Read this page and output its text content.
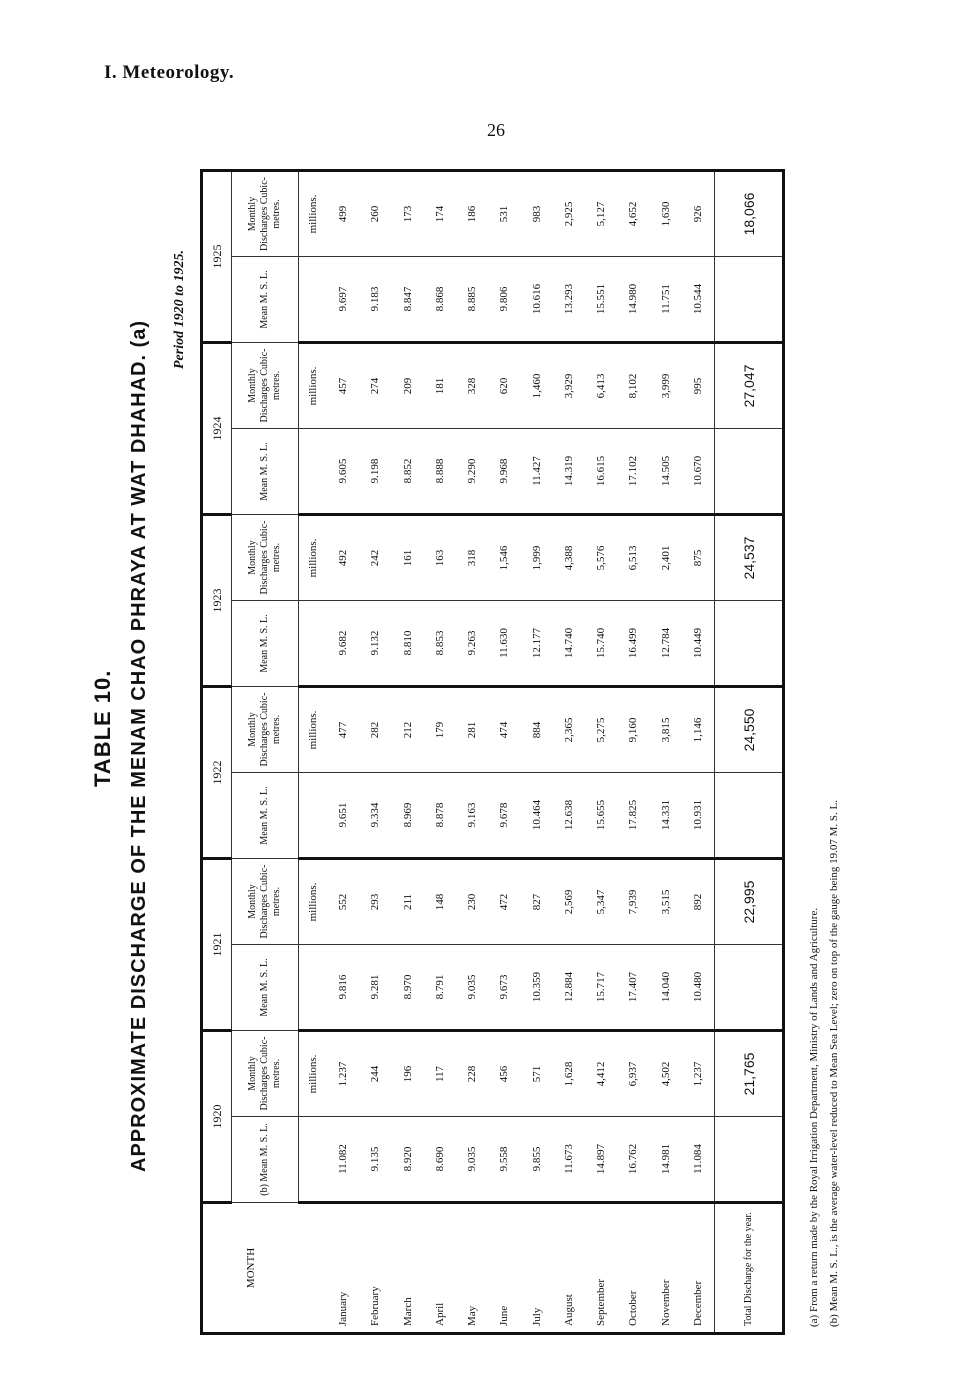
I. Meteorology.
26
TABLE 10. APPROXIMATE DISCHARGE OF THE MENAM CHAO PHRAYA AT WAT DHAHAD. (a)
Period 1920 to 1925.
MONTH	1920		1921		1922		1923		1924		1925	
	(b) Mean M. S. L.	Monthly Discharges Cubic-metres.	Mean M. S. L.	Monthly Discharges Cubic-metres.	Mean M. S. L.	Monthly Discharges Cubic-metres.	Mean M. S. L.	Monthly Discharges Cubic-metres.	Mean M. S. L.	Monthly Discharges Cubic-metres.	Mean M. S. L.	Monthly Discharges Cubic-metres.
		millions.		millions.		millions.		millions.		millions.		millions.
January	11.082	1.237	9.816	552	9.651	477	9.682	492	9.605	457	9.697	499
February	9.135	244	9.281	293	9.334	282	9.132	242	9.198	274	9.183	260
March	8.920	196	8.970	211	8.969	212	8.810	161	8.852	209	8.847	173
April	8.690	117	8.791	148	8.878	179	8.853	163	8.888	181	8.868	174
May	9.035	228	9.035	230	9.163	281	9.263	318	9.290	328	8.885	186
June	9.558	456	9.673	472	9.678	474	11.630	1,546	9.968	620	9.806	531
July	9.855	571	10.359	827	10.464	884	12.177	1,999	11.427	1,460	10.616	983
August	11.673	1,628	12.884	2,569	12.638	2,365	14.740	4,388	14.319	3,929	13.293	2,925
September	14.897	4,412	15.717	5,347	15.655	5,275	15.740	5,576	16.615	6,413	15.551	5,127
October	16.762	6,937	17.407	7,939	17.825	9,160	16.499	6,513	17.102	8,102	14.980	4,652
November	14.981	4,502	14.040	3,515	14.331	3,815	12.784	2,401	14.505	3,999	11.751	1,630
December	11.084	1,237	10.480	892	10.931	1,146	10.449	875	10.670	995	10.544	926
Total Discharge for the year.		21,765		22,995		24,550		24,537		27,047		18,066
(a) From a return made by the Royal Irrigation Department, Ministry of Lands and Agriculture. (b) Mean M. S. L., is the average water-level reduced to Mean Sea Level; zero on top of the gauge being 19.07 M. S. L.
